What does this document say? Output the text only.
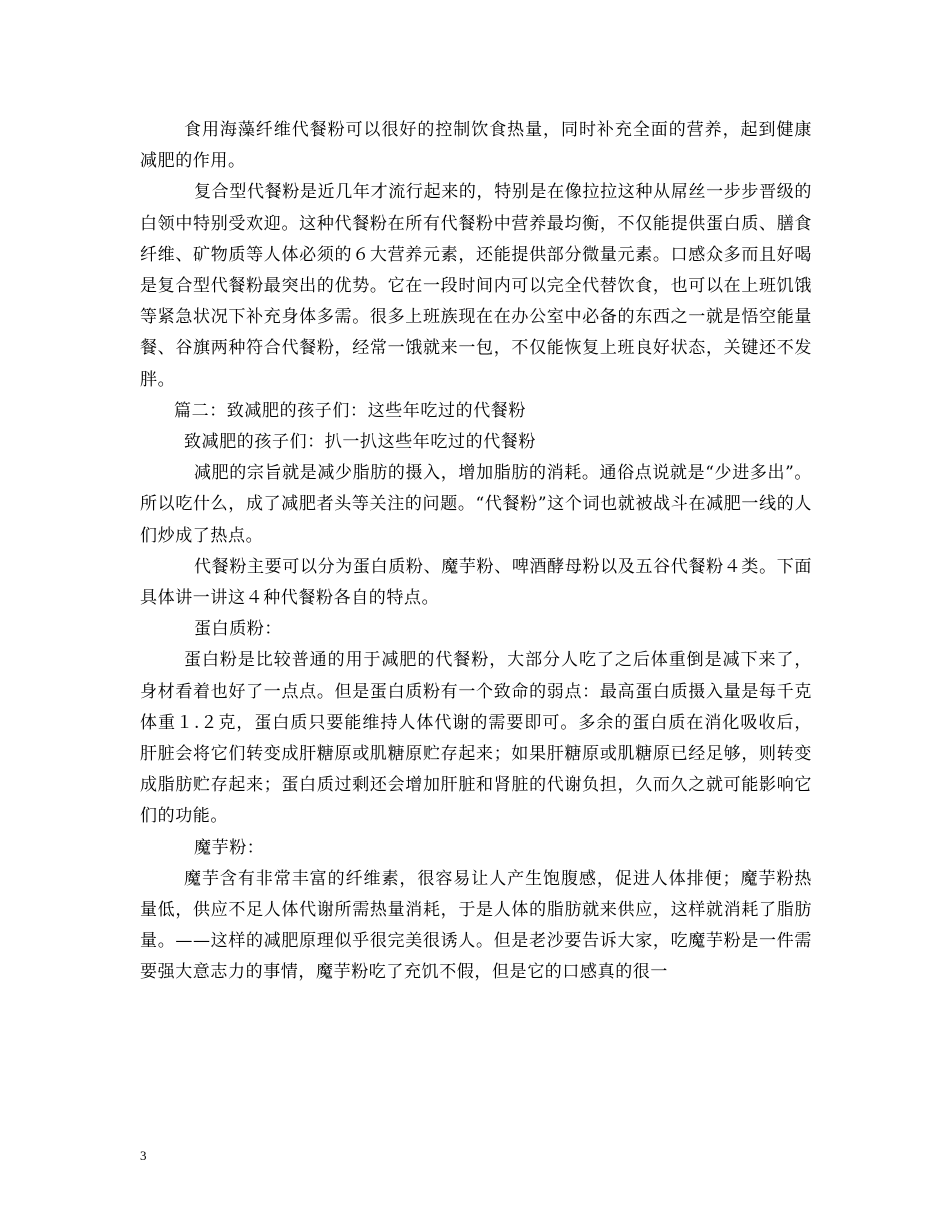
食用海藻纤维代餐粉可以很好的控制饮食热量，同时补充全面的营养，起到健康减肥的作用。

复合型代餐粉是近几年才流行起来的，特别是在像拉拉这种从屌丝一步步晋级的白领中特别受欢迎。这种代餐粉在所有代餐粉中营养最均衡，不仅能提供蛋白质、膳食纤维、矿物质等人体必须的６大营养元素，还能提供部分微量元素。口感众多而且好喝是复合型代餐粉最突出的优势。它在一段时间内可以完全代替饮食，也可以在上班饥饿等紧急状况下补充身体多需。很多上班族现在在办公室中必备的东西之一就是悟空能量餐、谷旗两种符合代餐粉，经常一饿就来一包，不仅能恢复上班良好状态，关键还不发胖。

篇二：致减肥的孩子们：这些年吃过的代餐粉

致减肥的孩子们：扒一扒这些年吃过的代餐粉

减肥的宗旨就是减少脂肪的摄入，增加脂肪的消耗。通俗点说就是“少进多出”。所以吃什么，成了减肥者头等关注的问题。“代餐粉”这个词也就被战斗在减肥一线的人们炒成了热点。

代餐粉主要可以分为蛋白质粉、魔芋粉、啤酒酵母粉以及五谷代餐粉４类。下面具体讲一讲这４种代餐粉各自的特点。

蛋白质粉：

蛋白粉是比较普通的用于减肥的代餐粉，大部分人吃了之后体重倒是减下来了，身材看着也好了一点点。但是蛋白质粉有一个致命的弱点：最高蛋白质摄入量是每千克体重１.２克，蛋白质只要能维持人体代谢的需要即可。多余的蛋白质在消化吸收后，肝脏会将它们转变成肝糖原或肌糖原贮存起来；如果肝糖原或肌糖原已经足够，则转变成脂肪贮存起来；蛋白质过剩还会增加肝脏和肾脏的代谢负担，久而久之就可能影响它们的功能。

魔芋粉：

魔芋含有非常丰富的纤维素，很容易让人产生饱腹感，促进人体排便；魔芋粉热量低，供应不足人体代谢所需热量消耗，于是人体的脂肪就来供应，这样就消耗了脂肪量。——这样的减肥原理似乎很完美很诱人。但是老沙要告诉大家，吃魔芋粉是一件需要强大意志力的事情，魔芋粉吃了充饥不假，但是它的口感真的很一

3
